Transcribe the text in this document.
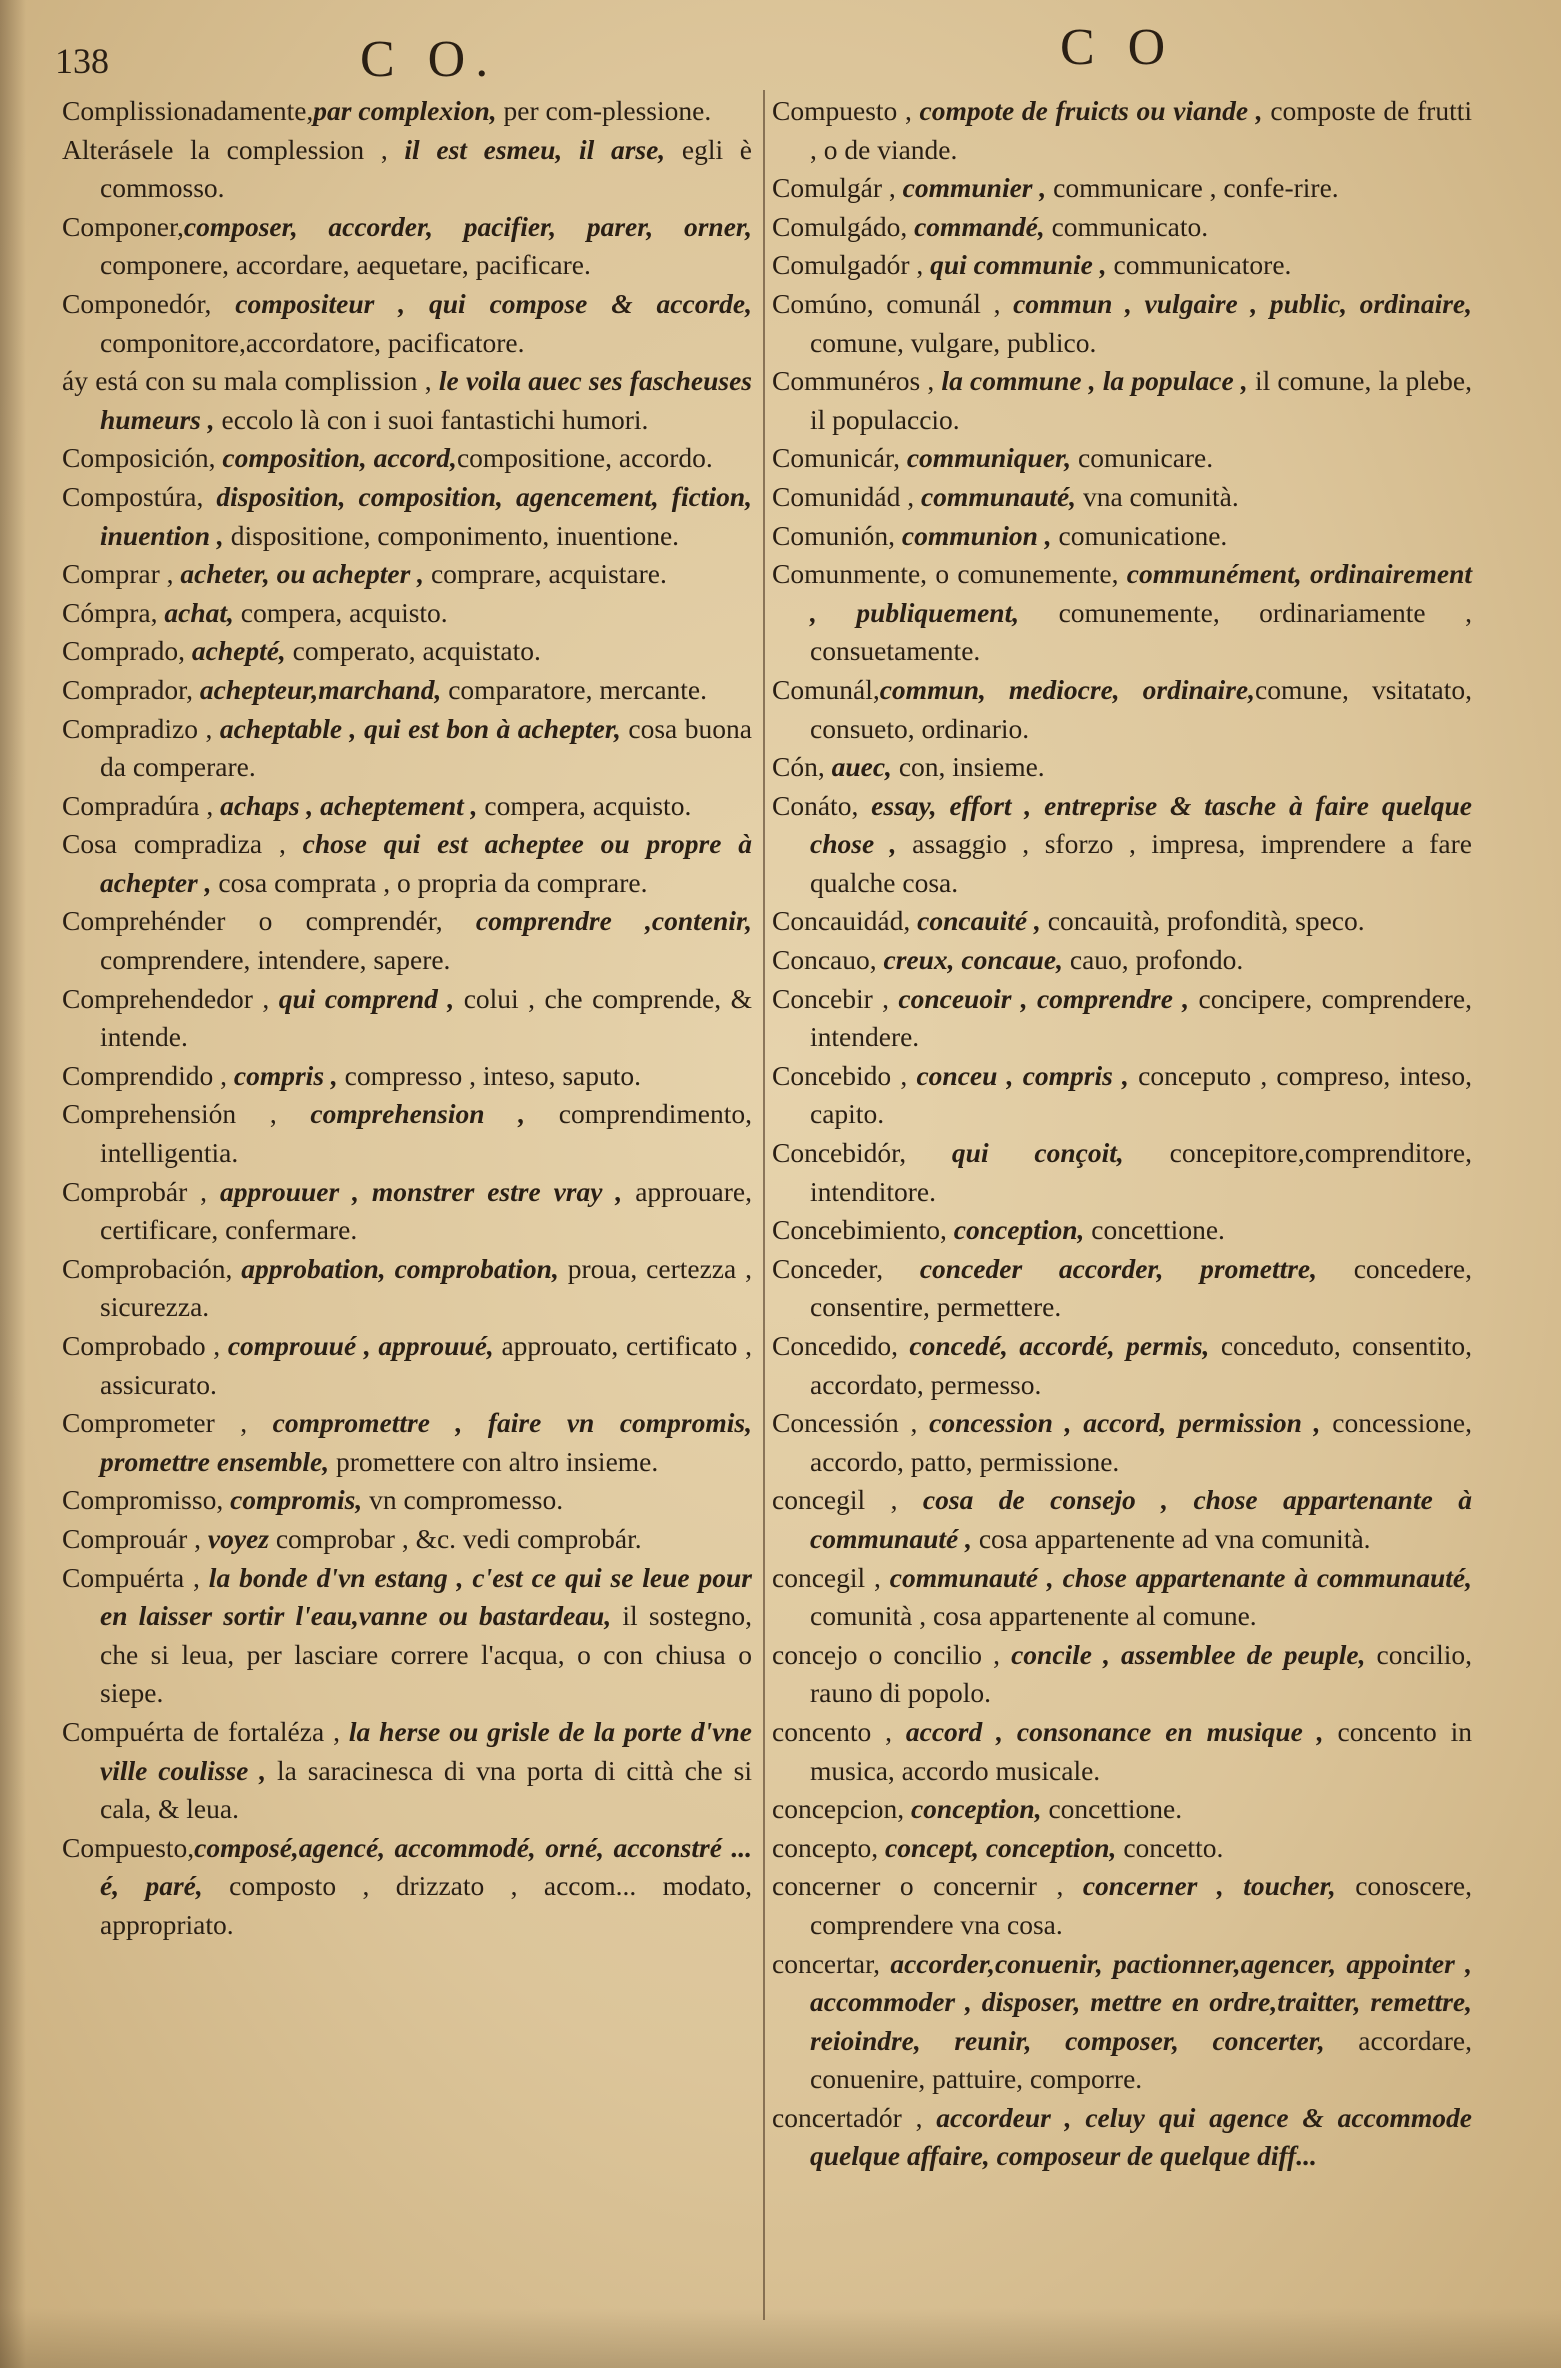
138	C O.	C O

Complissionadamente,par complexion, per com-plessione.

Alterásele la complession , il est esmeu, il arse, egli è commosso.

Componer,composer, accorder, pacifier, parer, orner, componere, accordare, aequetare, pacificare.

Componedór, compositeur , qui compose & accorde, componitore,accordatore, pacificatore.

áy está con su mala complission , le voila auec ses fascheuses humeurs , eccolo là con i suoi fantastichi humori.

Composición, composition, accord,compositione, accordo.

Compostúra, disposition, composition, agencement, fiction, inuention , dispositione, componimento, inuentione.

Comprar , acheter, ou achepter , comprare, acquistare.

Cómpra, achat, compera, acquisto.

Comprado, achepté, comperato, acquistato.

Comprador, achepteur,marchand, comparatore, mercante.

Compradizo , acheptable , qui est bon à achepter, cosa buona da comperare.

Compradúra , achaps , acheptement , compera, acquisto.

Cosa compradiza , chose qui est acheptee ou propre à achepter , cosa comprata , o propria da comprare.

Comprehénder o comprendér, comprendre ,contenir, comprendere, intendere, sapere.

Comprehendedor , qui comprend , colui , che comprende, & intende.

Comprendido , compris , compresso , inteso, saputo.

Comprehensión , comprehension , comprendimento, intelligentia.

Comprobár , approuuer , monstrer estre vray , approuare, certificare, confermare.

Comprobación, approbation, comprobation, proua, certezza , sicurezza.

Comprobado , comprouué , approuué, approuato, certificato , assicurato.

Comprometer , compromettre , faire vn compromis, promettre ensemble, promettere con altro insieme.

Compromisso, compromis, vn compromesso.

Comprouár , voyez comprobar , &c. vedi comprobár.

Compuérta , la bonde d'vn estang , c'est ce qui se leue pour en laisser sortir l'eau,vanne ou bastardeau, il sostegno, che si leua, per lasciare correre l'acqua, o con chiusa o siepe.

Compuérta de fortaléza , la herse ou grisle de la porte d'vne ville coulisse , la saracinesca di vna porta di città che si cala, & leua.

Compuesto,composé,agencé, accommodé, orné, acconstré ... é, paré, composto , drizzato , accom... modato, appropriato.

Compuesto , compote de fruicts ou viande , composte de frutti , o de viande.

Comulgár , communier , communicare , confe-rire.

Comulgádo, commandé, communicato.

Comulgadór , qui communie , communicatore.

Comúno, comunál , commun , vulgaire , public, ordinaire, comune, vulgare, publico.

Communéros , la commune , la populace , il comune, la plebe, il populaccio.

Comunicár, communiquer, comunicare.

Comunidád , communauté, vna comunità.

Comunión, communion , comunicatione.

Comunmente, o comunemente, communément, ordinairement , publiquement, comunemente, ordinariamente , consuetamente.

Comunál,commun, mediocre, ordinaire,comune, vsitatato, consueto, ordinario.

Cón, auec, con, insieme.

Conáto, essay, effort , entreprise & tasche à faire quelque chose , assaggio , sforzo , impresa, imprendere a fare qualche cosa.

Concauidád, concauité , concauità, profondità, speco.

Concauo, creux, concaue, cauo, profondo.

Concebir , conceuoir , comprendre , concipere, comprendere, intendere.

Concebido , conceu , compris , conceputo , compreso, inteso, capito.

Concebidór, qui conçoit, concepitore,comprenditore, intenditore.

Concebimiento, conception, concettione.

Conceder, conceder accorder, promettre, concedere, consentire, permettere.

Concedido, concedé, accordé, permis, conceduto, consentito, accordato, permesso.

Concessión , concession , accord, permission , concessione, accordo, patto, permissione.

concegil , cosa de consejo , chose appartenante à communauté , cosa appartenente ad vna comunità.

concegil , communauté , chose appartenante à communauté, comunità , cosa appartenente al comune.

concejo o concilio , concile , assemblee de peuple, concilio, rauno di popolo.

concento , accord , consonance en musique , concento in musica, accordo musicale.

concepcion, conception, concettione.

concepto, concept, conception, concetto.

concerner o concernir , concerner , toucher, conoscere, comprendere vna cosa.

concertar, accorder,conuenir, pactionner,agencer, appointer , accommoder , disposer, mettre en ordre,traitter, remettre, reioindre, reunir, composer, concerter, accordare, conuenire, pattuire, comporre.

concertadór , accordeur , celuy qui agence & accommode quelque affaire, composeur de quelque diff...
